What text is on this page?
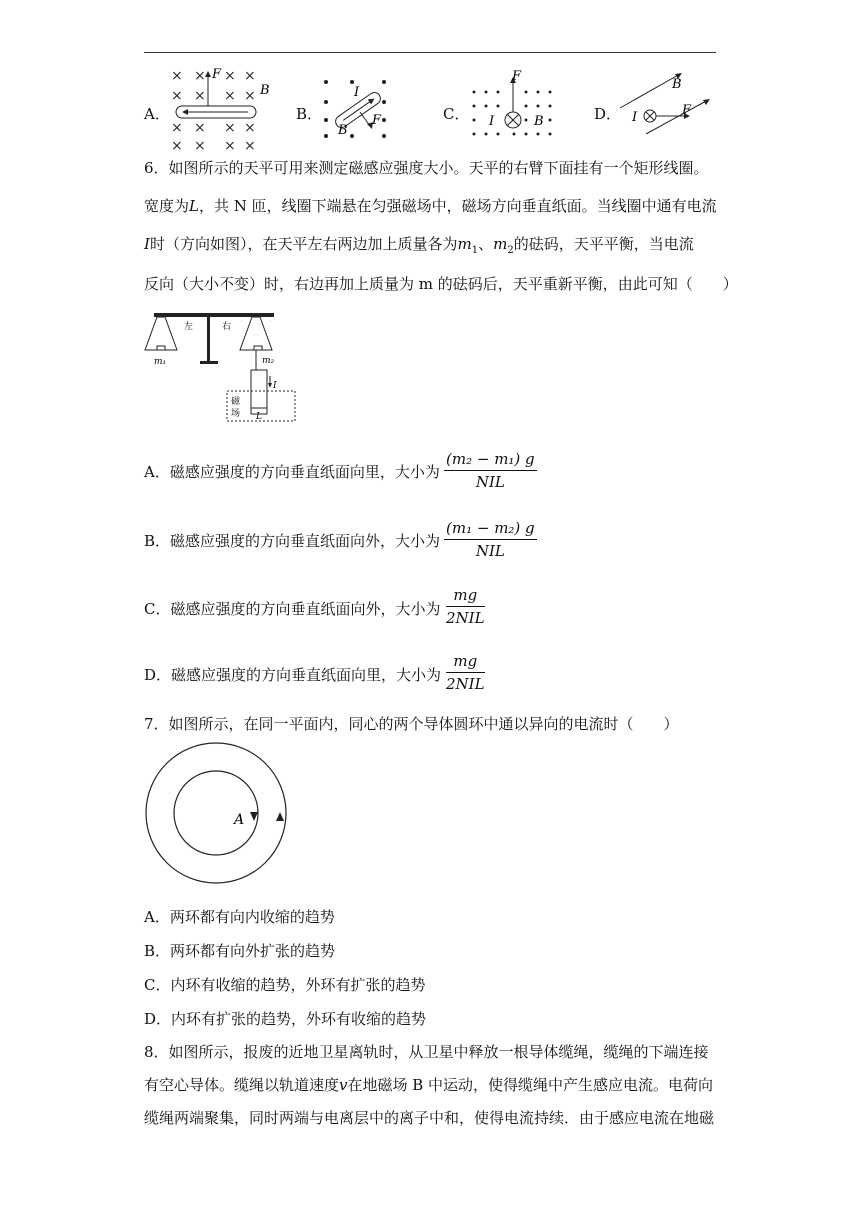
A．
× × × ×
× × × ×
× × × ×
× × × ×
F
B
B．
I
B
F	C．
F
I	B	D．
B
I	F
6．如图所示的天平可用来测定磁感应强度大小。天平的右臂下面挂有一个矩形线圈。
宽度为L，共 N 匝，线圈下端悬在匀强磁场中，磁场方向垂直纸面。当线圈中通有电流
I时（方向如图），在天平左右两边加上质量各为$m_1$、$m_2$的砝码，天平平衡，当电流
反向（大小不变）时，右边再加上质量为 m 的砝码后，天平重新平衡，由此可知（　　）
左	右
m₁	m₂
I
磁
场 L
A．磁感应强度的方向垂直纸面向里，大小为
(m₂ − m₁) g
NIL
B．磁感应强度的方向垂直纸面向外，大小为
(m₁ − m₂) g
NIL
C．磁感应强度的方向垂直纸面向外，大小为
mg
2NIL
D．磁感应强度的方向垂直纸面向里，大小为
mg
2NIL
7．如图所示，在同一平面内，同心的两个导体圆环中通以异向的电流时（　　）
A
A．两环都有向内收缩的趋势
B．两环都有向外扩张的趋势
C．内环有收缩的趋势，外环有扩张的趋势
D．内环有扩张的趋势，外环有收缩的趋势
8．如图所示，报废的近地卫星离轨时，从卫星中释放一根导体缆绳，缆绳的下端连接
有空心导体。缆绳以轨道速度v在地磁场 B 中运动，使得缆绳中产生感应电流。电荷向
缆绳两端聚集，同时两端与电离层中的离子中和，使得电流持续．由于感应电流在地磁
